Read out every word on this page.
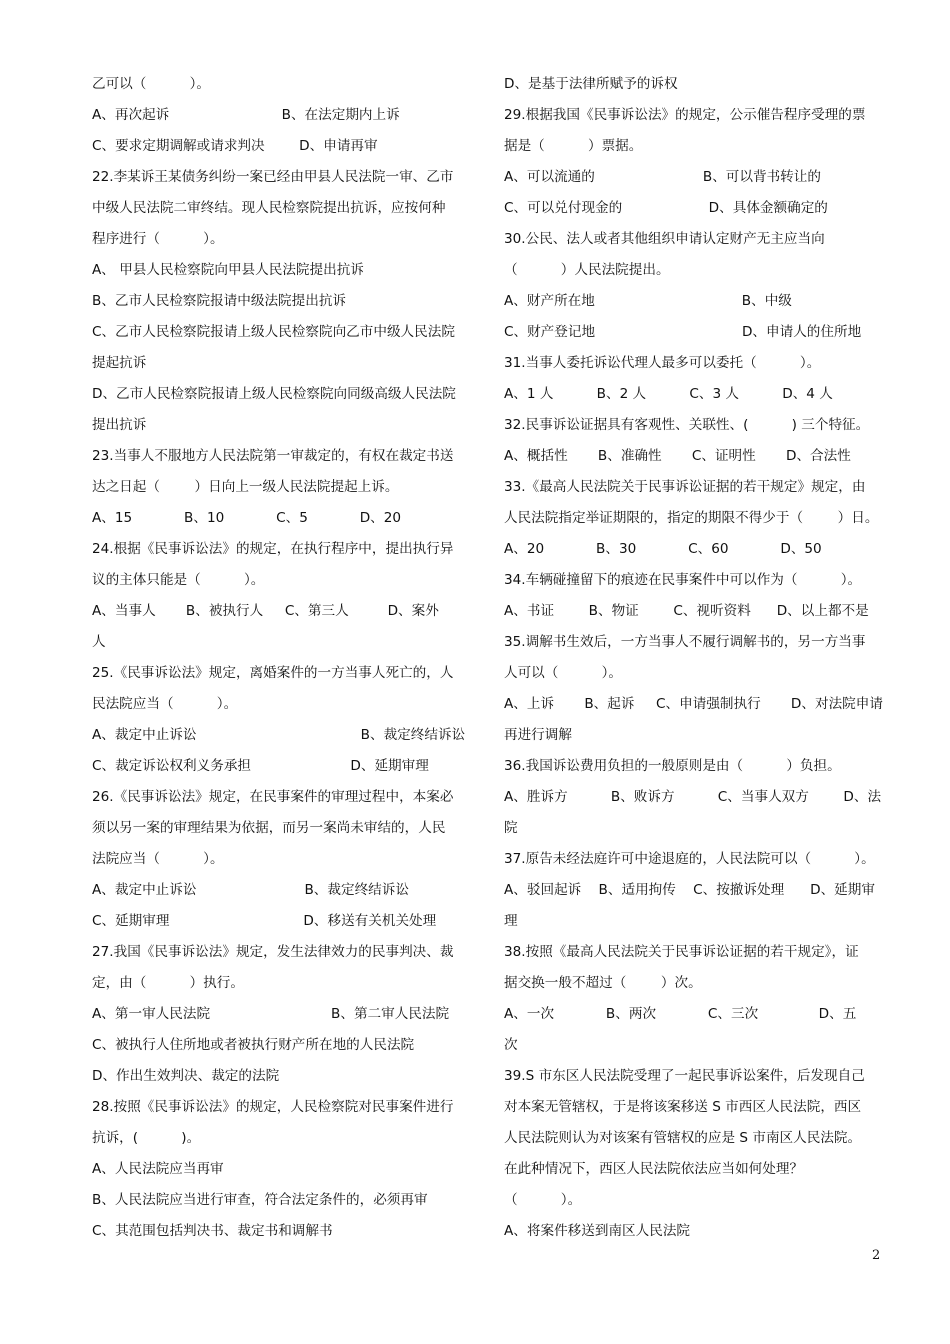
乙可以（          ）。
A、再次起诉                          B、在法定期内上诉
C、要求定期调解或请求判决        D、申请再审
22.李某诉王某债务纠纷一案已经由甲县人民法院一审、乙市
中级人民法院二审终结。现人民检察院提出抗诉，应按何种
程序进行（          ）。
A、 甲县人民检察院向甲县人民法院提出抗诉
B、乙市人民检察院报请中级法院提出抗诉
C、乙市人民检察院报请上级人民检察院向乙市中级人民法院
提起抗诉
D、乙市人民检察院报请上级人民检察院向同级高级人民法院
提出抗诉
23.当事人不服地方人民法院第一审裁定的，有权在裁定书送
达之日起（        ）日向上一级人民法院提起上诉。
A、15            B、10            C、5            D、20
24.根据《民事诉讼法》的规定，在执行程序中，提出执行异
议的主体只能是（          ）。
A、当事人       B、被执行人     C、第三人         D、案外
人
25.《民事诉讼法》规定，离婚案件的一方当事人死亡的，人
民法院应当（          ）。
A、裁定中止诉讼                                      B、裁定终结诉讼
C、裁定诉讼权利义务承担                       D、延期审理
26.《民事诉讼法》规定，在民事案件的审理过程中，本案必
须以另一案的审理结果为依据，而另一案尚未审结的，人民
法院应当（          ）。
A、裁定中止诉讼                         B、裁定终结诉讼
C、延期审理                               D、移送有关机关处理
27.我国《民事诉讼法》规定，发生法律效力的民事判决、裁
定，由（          ）执行。
A、第一审人民法院                            B、第二审人民法院
C、被执行人住所地或者被执行财产所在地的人民法院
D、作出生效判决、裁定的法院
28.按照《民事诉讼法》的规定，人民检察院对民事案件进行
抗诉，(          )。
A、人民法院应当再审
B、人民法院应当进行审查，符合法定条件的，必须再审
C、其范围包括判决书、裁定书和调解书
D、是基于法律所赋予的诉权
29.根据我国《民事诉讼法》的规定，公示催告程序受理的票
据是（          ）票据。
A、可以流通的                         B、可以背书转让的
C、可以兑付现金的                    D、具体金额确定的
30.公民、法人或者其他组织申请认定财产无主应当向
（          ）人民法院提出。
A、财产所在地                                  B、中级
C、财产登记地                                  D、申请人的住所地
31.当事人委托诉讼代理人最多可以委托（          ）。
A、1 人          B、2 人          C、3 人          D、4 人
32.民事诉讼证据具有客观性、关联性、(          ) 三个特征。
A、概括性       B、准确性       C、证明性       D、合法性
33.《最高人民法院关于民事诉讼证据的若干规定》规定，由
人民法院指定举证期限的，指定的期限不得少于（        ）日。
A、20            B、30            C、60            D、50
34.车辆碰撞留下的痕迹在民事案件中可以作为（          ）。
A、书证        B、物证        C、视听资料      D、以上都不是
35.调解书生效后，一方当事人不履行调解书的，另一方当事
人可以（          ）。
A、上诉       B、起诉     C、申请强制执行       D、对法院申请
再进行调解
36.我国诉讼费用负担的一般原则是由（          ）负担。
A、胜诉方          B、败诉方          C、当事人双方        D、法
院
37.原告未经法庭许可中途退庭的，人民法院可以（          ）。
A、驳回起诉    B、适用拘传    C、按撤诉处理      D、延期审
理
38.按照《最高人民法院关于民事诉讼证据的若干规定》，证
据交换一般不超过（        ）次。
A、一次            B、两次            C、三次              D、五
次
39.S 市东区人民法院受理了一起民事诉讼案件，后发现自己
对本案无管辖权，于是将该案移送 S 市西区人民法院，西区
人民法院则认为对该案有管辖权的应是 S 市南区人民法院。
在此种情况下，西区人民法院依法应当如何处理？
（          ）。
A、将案件移送到南区人民法院
2
